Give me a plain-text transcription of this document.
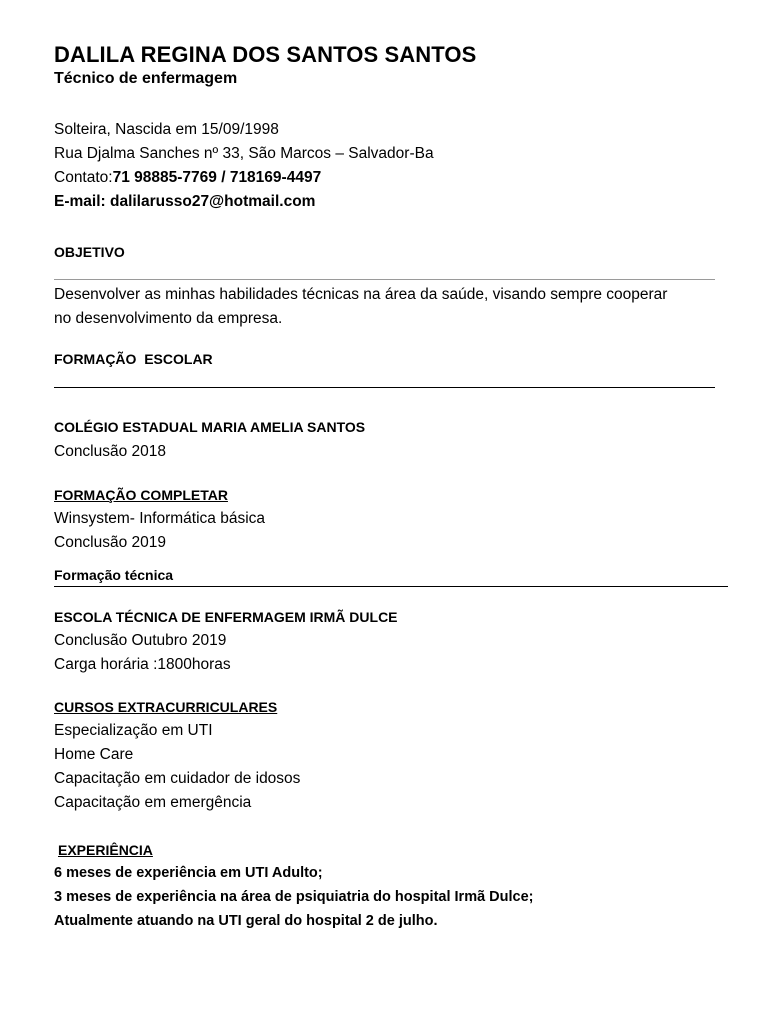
DALILA REGINA DOS SANTOS SANTOS
Técnico de enfermagem
Solteira, Nascida em 15/09/1998
Rua Djalma Sanches nº 33, São Marcos – Salvador-Ba
Contato:71 98885-7769 / 718169-4497
E-mail: dalilarusso27@hotmail.com
OBJETIVO
Desenvolver as minhas habilidades técnicas na área da saúde, visando sempre cooperar
no desenvolvimento da empresa.
FORMAÇÃO  ESCOLAR
COLÉGIO ESTADUAL MARIA AMELIA SANTOS
Conclusão 2018
FORMAÇÃO COMPLETAR
Winsystem- Informática básica
Conclusão 2019
Formação técnica
ESCOLA TÉCNICA DE ENFERMAGEM IRMÃ DULCE
Conclusão Outubro 2019
Carga horária :1800horas
CURSOS EXTRACURRICULARES
Especialização em UTI
Home Care
Capacitação em cuidador de idosos
Capacitação em emergência
EXPERIÊNCIA
6 meses de experiência em UTI Adulto;
3 meses de experiência na área de psiquiatria do hospital Irmã Dulce;
Atualmente atuando na UTI geral do hospital 2 de julho.
